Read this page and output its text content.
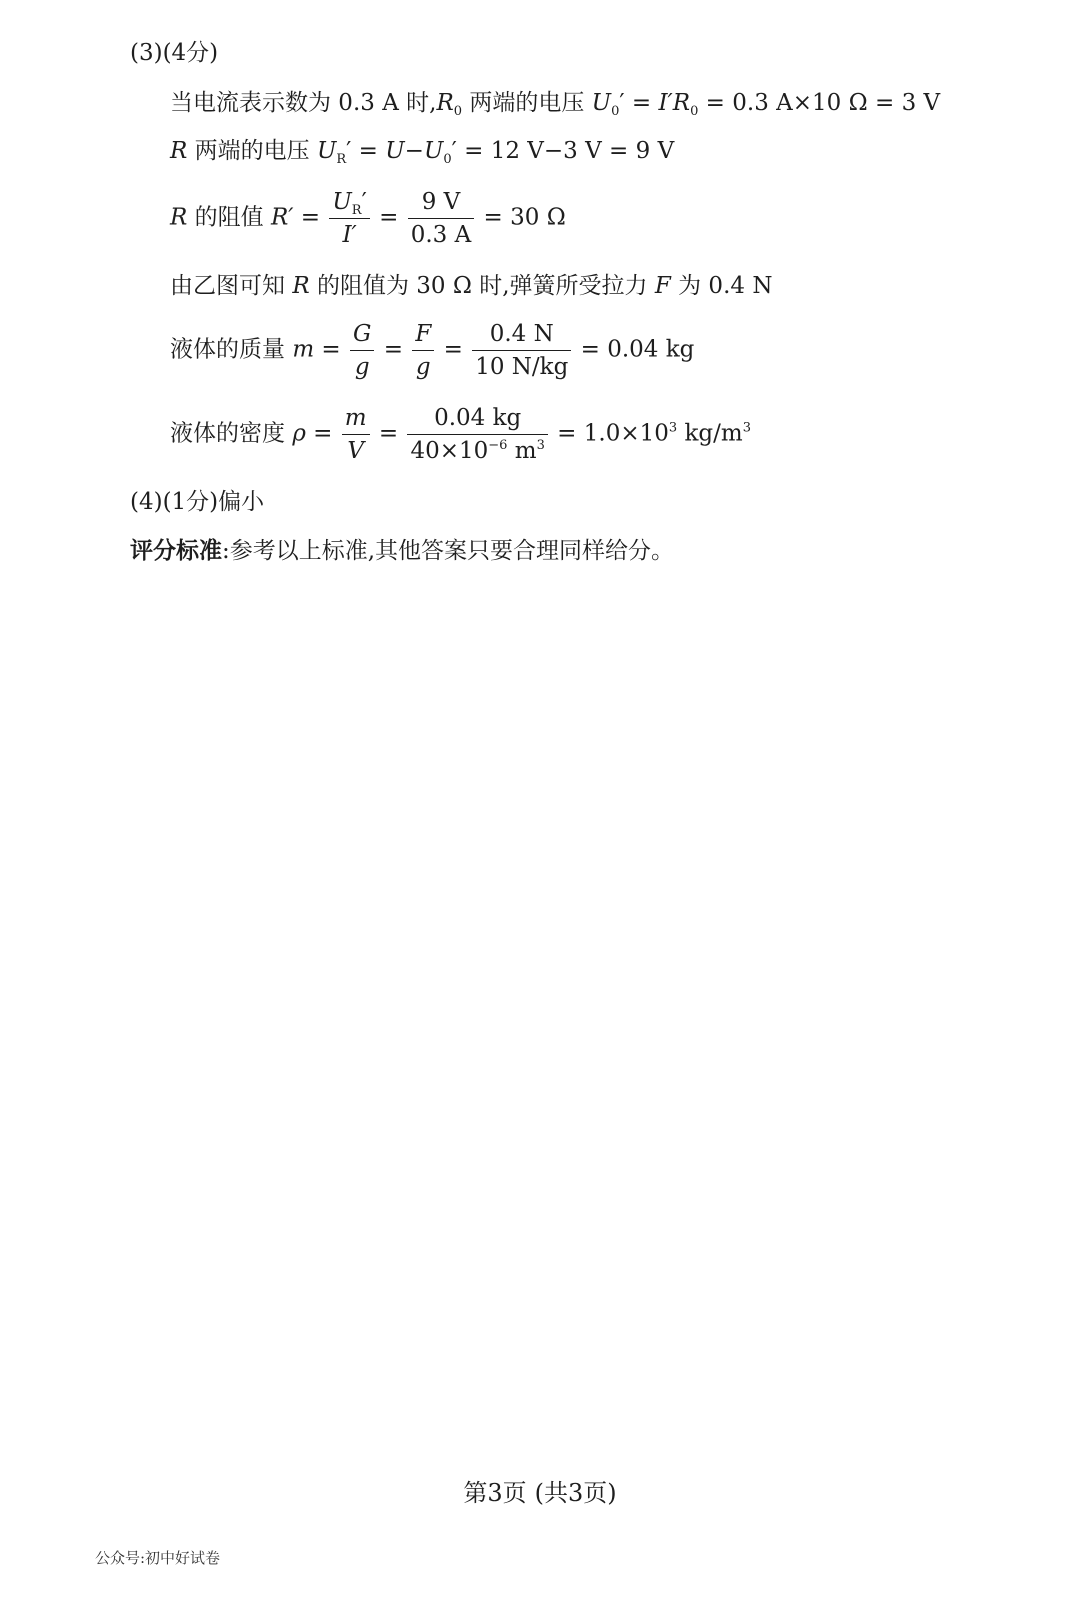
(3)(4分)
当电流表示数为 0.3 A 时$,R_0$ 两端的电压 $U_0' = I'R_0 = 0.3$ A×10 Ω = 3 V
R 两端的电压 $U_R' = U-U_0' = 12$ V−3 V = 9 V
R 的阻值 $R' = \frac{U_R'}{I'} = \frac{9 V}{0.3 A} = 30$ Ω
由乙图可知 R 的阻值为 30 Ω 时,弹簧所受拉力 F 为 0.4 N
液体的质量 $m = \frac{G}{g} = \frac{F}{g} = \frac{0.4 N}{10 N/kg} = 0.04$ kg
液体的密度 $\rho = \frac{m}{V} = \frac{0.04 kg}{40\times 10^{-6} m^3} = 1.0\times 10^3$ $kg/m^3$
(4)(1分)偏小
评分标准:参考以上标准,其他答案只要合理同样给分。
第3页 (共3页)
公众号:初中好试卷
